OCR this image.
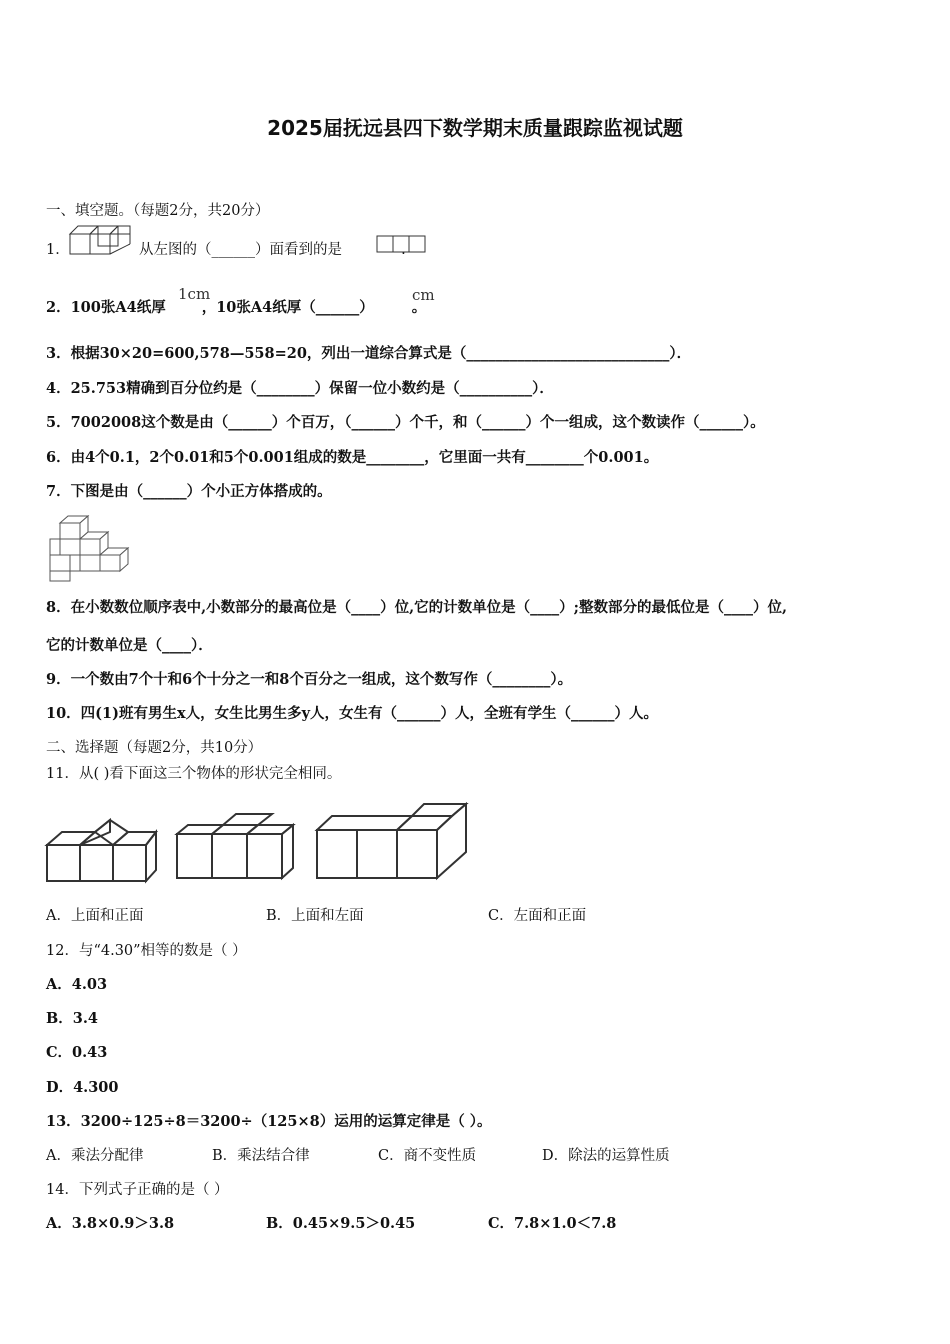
2025届抚远县四下数学期末质量跟踪监视试题
一、填空题。（每题2分，共20分）
1．	从左图的（______）面看到的是	.
2．100张A4纸厚 ，10张A4纸厚（______）	。
1cm	cm
3．根据30×20=600,578—558=20，列出一道综合算式是（____________________________）．
4．25.753精确到百分位约是（________）保留一位小数约是（__________）．
5．7002008这个数是由（______）个百万，（______）个千，和（______）个一组成，这个数读作（______）。
6．由4个0.1，2个0.01和5个0.001组成的数是________，它里面一共有________个0.001。
7．下图是由（______）个小正方体搭成的。
8．在小数数位顺序表中,小数部分的最高位是（____）位,它的计数单位是（____）;整数部分的最低位是（____）位,
它的计数单位是（____）．
9．一个数由7个十和6个十分之一和8个百分之一组成，这个数写作（________）。
10．四(1)班有男生x人，女生比男生多y人，女生有（______）人，全班有学生（______）人。
二、选择题（每题2分，共10分）
11．从( )看下面这三个物体的形状完全相同。
A．上面和正面	B．上面和左面	C．左面和正面
12．与“4.30”相等的数是（ ）
A．4.03
B．3.4
C．0.43
D．4.300
13．3200÷125÷8＝3200÷（125×8）运用的运算定律是（ ）。
A．乘法分配律	B．乘法结合律	C．商不变性质	D．除法的运算性质
14．下列式子正确的是（ ）
A．3.8×0.9＞3.8	B．0.45×9.5＞0.45	C．7.8×1.0＜7.8
